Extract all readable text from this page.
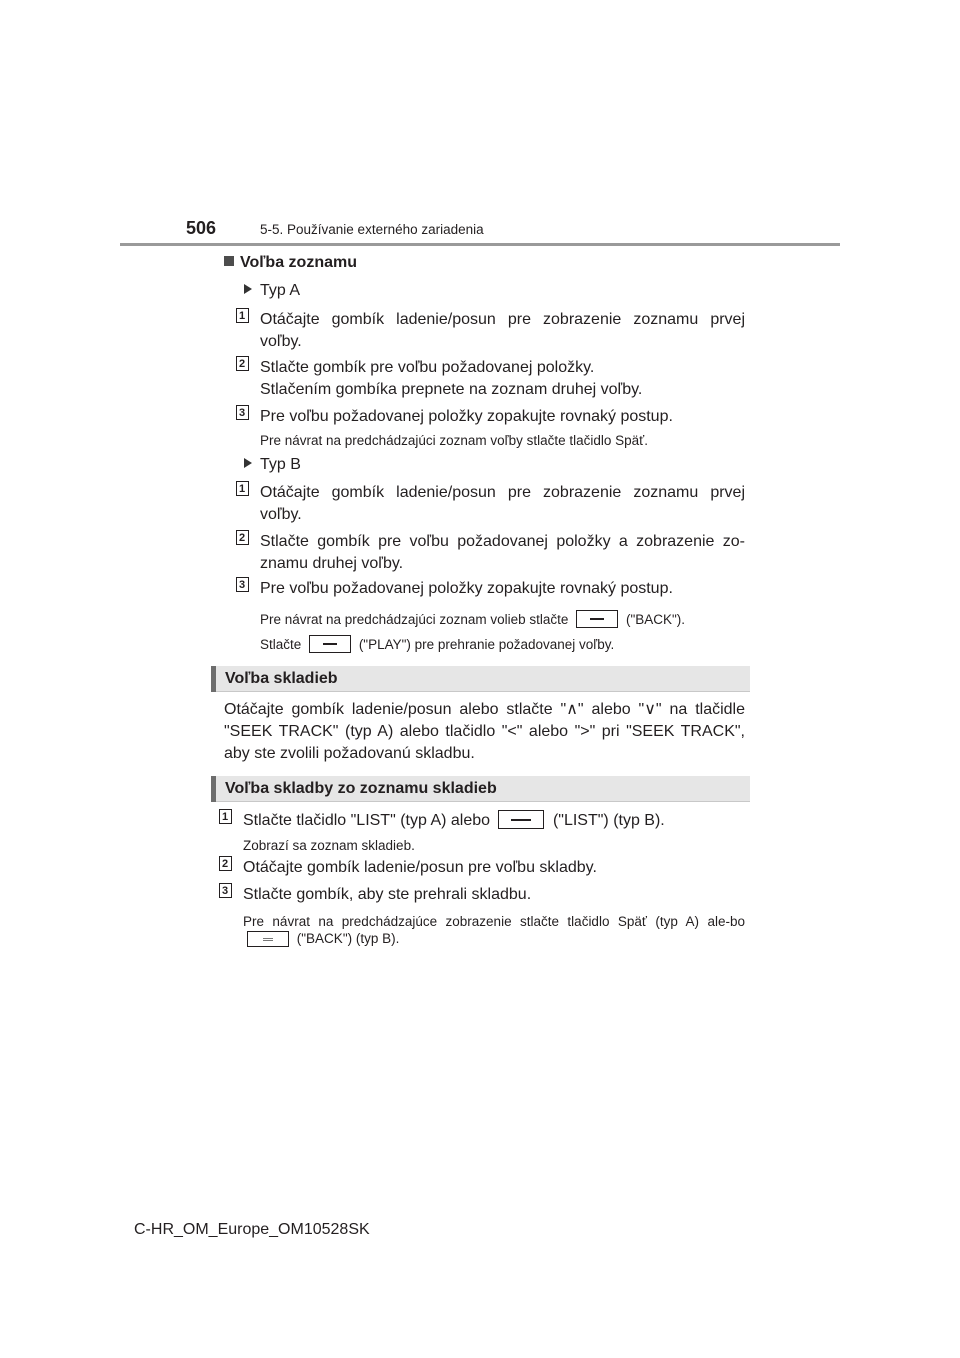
506	5-5. Používanie externého zariadenia
Voľba zoznamu
Typ A
1 Otáčajte gombík ladenie/posun pre zobrazenie zoznamu prvej voľby.
2 Stlačte gombík pre voľbu požadovanej položky.
Stlačením gombíka prepnete na zoznam druhej voľby.
3 Pre voľbu požadovanej položky zopakujte rovnaký postup.
Pre návrat na predchádzajúci zoznam voľby stlačte tlačidlo Späť.
Typ B
1 Otáčajte gombík ladenie/posun pre zobrazenie zoznamu prvej voľby.
2 Stlačte gombík pre voľbu požadovanej položky a zobrazenie zo-znamu druhej voľby.
3 Pre voľbu požadovanej položky zopakujte rovnaký postup.
Pre návrat na predchádzajúci zoznam volieb stlačte	("BACK").
Stlačte	("PLAY") pre prehranie požadovanej voľby.
Voľba skladieb
Otáčajte gombík ladenie/posun alebo stlačte "∧" alebo "∨" na tlačidle "SEEK TRACK" (typ A) alebo tlačidlo "<" alebo ">" pri "SEEK TRACK", aby ste zvolili požadovanú skladbu.
Voľba skladby zo zoznamu skladieb
1 Stlačte tlačidlo "LIST" (typ A) alebo	("LIST") (typ B).
Zobrazí sa zoznam skladieb.
2 Otáčajte gombík ladenie/posun pre voľbu skladby.
3 Stlačte gombík, aby ste prehrali skladbu.
Pre návrat na predchádzajúce zobrazenie stlačte tlačidlo Späť (typ A) ale-bo
("BACK") (typ B).
C-HR_OM_Europe_OM10528SK
